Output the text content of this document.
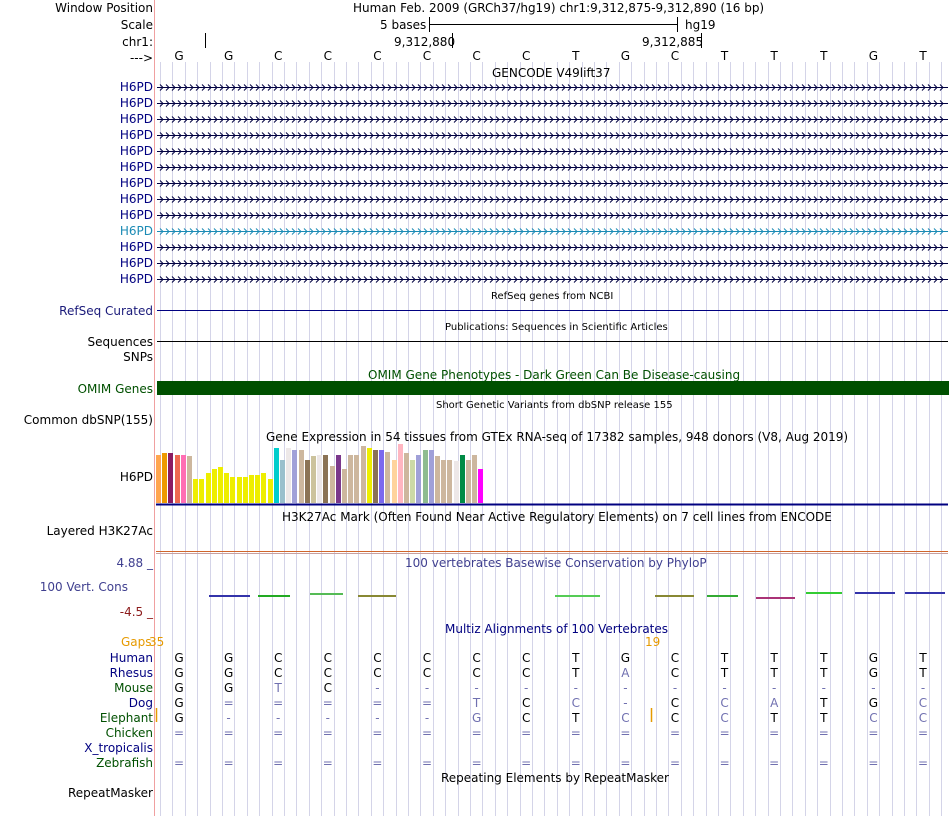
Window Position	Human Feb. 2009 (GRCh37/hg19) chr1:9,312,875-9,312,890 (16 bp)
Scale	5 bases	hg19
chr1:	9,312,880	9,312,885
--->	G	G	C	C	C	C	C	C	T	G	C	T	T	T	G	T
GENCODE V49lift37
H6PD
H6PD
H6PD
H6PD
H6PD
H6PD
H6PD
H6PD
H6PD
H6PD
H6PD
H6PD
H6PD
RefSeq genes from NCBI
RefSeq Curated
Publications: Sequences in Scientific Articles
Sequences
SNPs
OMIM Gene Phenotypes - Dark Green Can Be Disease-causing
OMIM Genes
Short Genetic Variants from dbSNP release 155
Common dbSNP(155)
Gene Expression in 54 tissues from GTEx RNA-seq of 17382 samples, 948 donors (V8, Aug 2019)
H6PD
H3K27Ac Mark (Often Found Near Active Regulatory Elements) on 7 cell lines from ENCODE
Layered H3K27Ac
100 vertebrates Basewise Conservation by PhyloP
4.88 _
100 Vert. Cons
-4.5 _
Multiz Alignments of 100 Vertebrates
Gaps
35	19
Human	G	G	C	C	C	C	C	C	T	G	C	T	T	T	G	T
Rhesus	G	G	C	C	C	C	C	C	T	A	C	T	T	T	G	T
Mouse	G	G	T	C	-	-	-	-	-	-	-	-	-	-	-	-
Dog	G	=	=	=	=	=	T	C	C	-	C	C	A	T	G	C
Elephant	G	-	-	-	-	-	G	C	T	C	C	C	T	T	C	C
Chicken	=	=	=	=	=	=	=	=	=	=	=	=	=	=	=	=
X_tropicalis
Zebrafish	=	=	=	=	=	=	=	=	=	=	=	=	=	=	=	=
Repeating Elements by RepeatMasker
RepeatMasker
